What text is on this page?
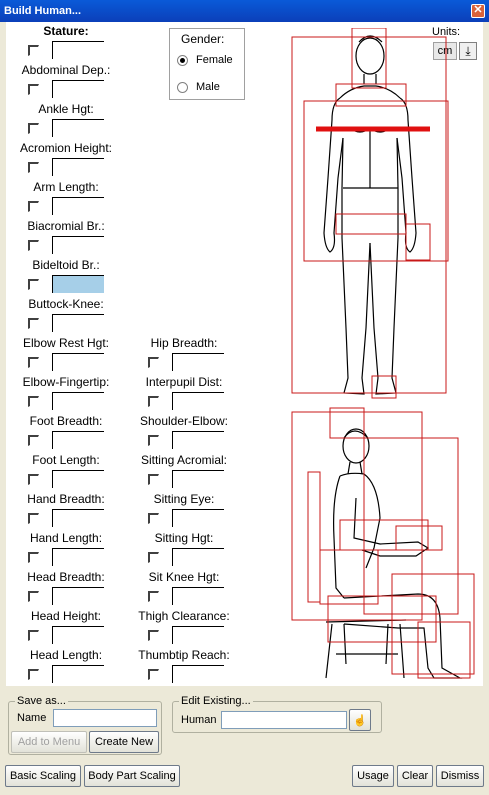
Build Human...	✕
Stature:
Abdominal Dep.:
Ankle Hgt:
Acromion Height:
Arm Length:
Biacromial Br.:
Bideltoid Br.:
Buttock-Knee:
Elbow Rest Hgt:
Elbow-Fingertip:
Foot Breadth:
Foot Length:
Hand Breadth:
Hand Length:
Head Breadth:
Head Height:
Head Length:
Hip Breadth:
Interpupil Dist:
Shoulder-Elbow:
Sitting Acromial:
Sitting Eye:
Sitting Hgt:
Sit Knee Hgt:
Thigh Clearance:
Thumbtip Reach:
Gender:
Female
Male
Units:
cm	⤓
Save as...
Name
Add to Menu	Create New
Edit Existing...
Human	☝
Basic Scaling	Body Part Scaling	Usage	Clear	Dismiss
